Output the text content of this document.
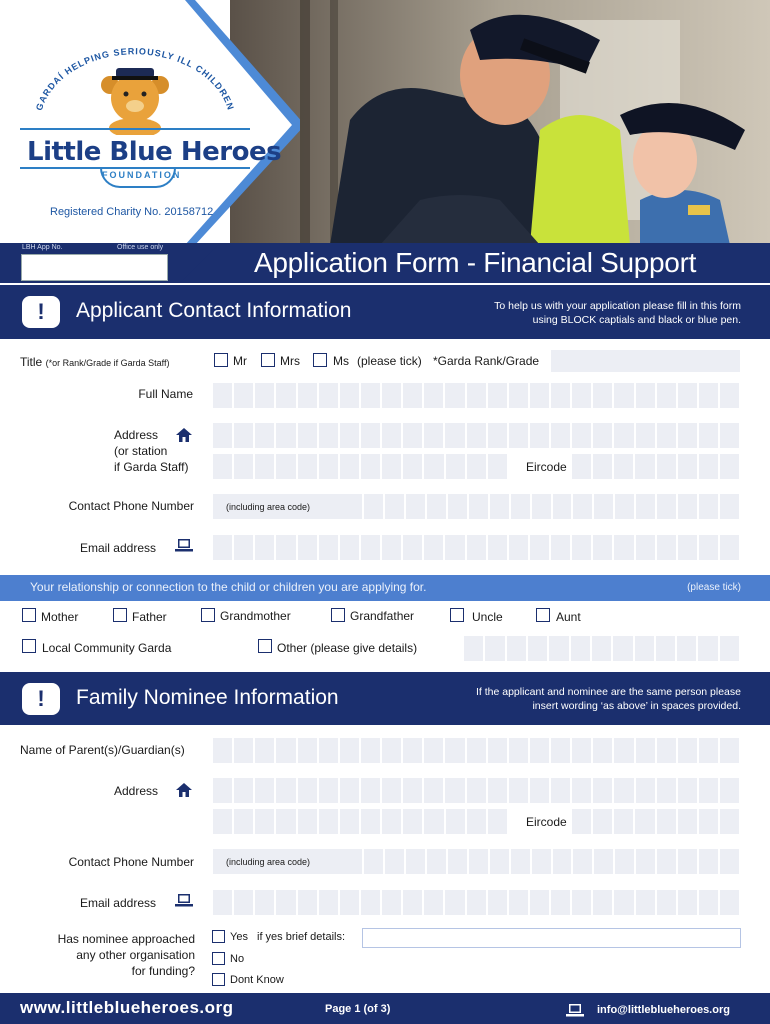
GARDAÍ HELPING SERIOUSLY ILL CHILDREN
Little Blue Heroes
FOUNDATION
Registered Charity No. 20158712
LBH App No.	Office use only	Application Form - Financial Support
!	Applicant Contact Information	To help us with your application please fill in this form
using BLOCK captials and black or blue pen.
Title (*or Rank/Grade if Garda Staff)	Mr	Mrs	Ms (please tick) *Garda Rank/Grade
Full Name
Address
(or station
if Garda Staff)	Eircode
Contact Phone Number	(including area code)
Email address
Your relationship or connection to the child or children you are applying for.	(please tick)
Mother	Father	Grandmother	Grandfather	Uncle	Aunt
Local Community Garda	Other (please give details)
!	Family Nominee Information	If the applicant and nominee are the same person please
insert wording ‘as above’ in spaces provided.
Name of Parent(s)/Guardian(s)
Address
Eircode
Contact Phone Number	(including area code)
Email address
Has nominee approached
any other organisation
for funding?
Yes if yes brief details:
No
Dont Know
www.littleblueheroes.org	Page 1 (of 3)	info@littleblueheroes.org
